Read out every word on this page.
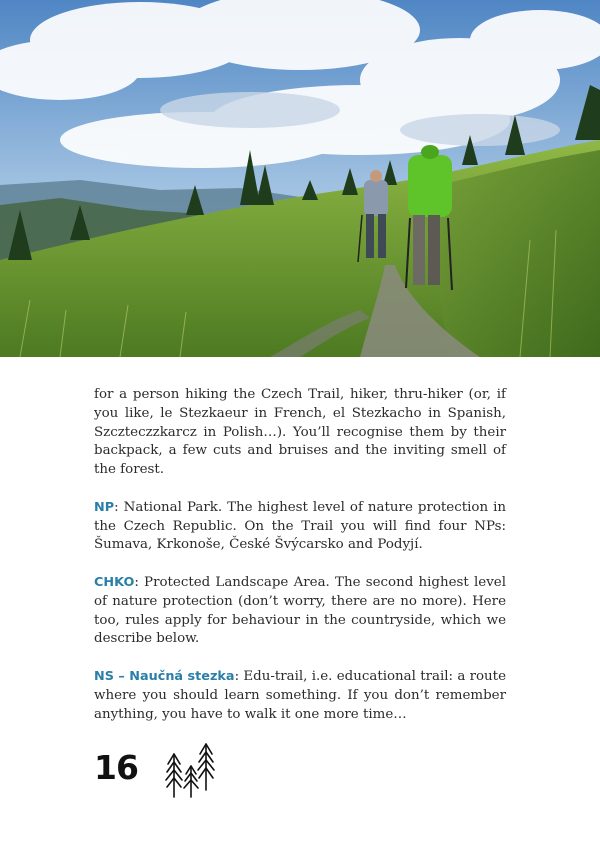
for a person hiking the Czech Trail, hiker, thru-hiker (or, if you like, le Stezkaeur in French, el Stezkacho in Spanish, Szczteczzkarcz in Polish…). You’ll recognise them by their backpack, a few cuts and bruises and the inviting smell of the forest.

NP: National Park. The highest level of nature protection in the Czech Republic. On the Trail you will find four NPs: Šumava, Krkonoše, České Švýcarsko and Podyjí.

CHKO: Protected Landscape Area. The second highest level of nature protection (don’t worry, there are no more). Here too, rules apply for behaviour in the countryside, which we describe below.

NS – Naučná stezka: Edu-trail, i.e. educational trail: a route where you should learn something. If you don’t remember anything, you have to walk it one more time…

16
